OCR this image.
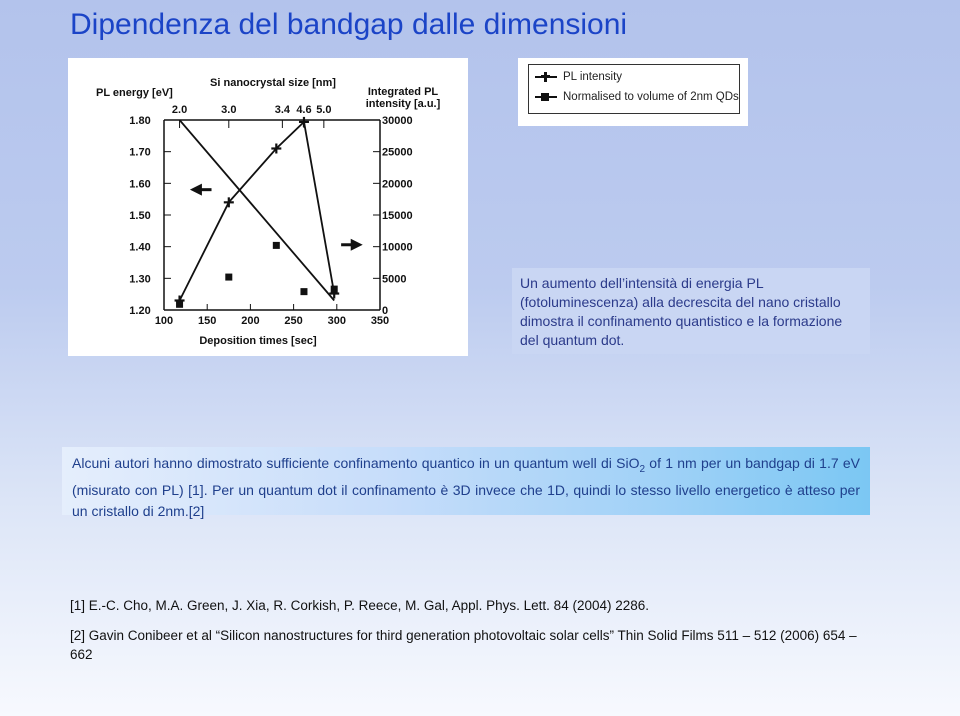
Dipendenza del bandgap dalle dimensioni
100 150 200 250 300 350
1.20
1.30
1.40
1.50
1.60
1.70
1.80
0
5000
10000
15000
20000
25000
30000
2.0	3.0	3.4 4.6 5.0
PL energy [eV]
Si nanocrystal size [nm]
Integrated PL
intensity [a.u.]
Deposition times [sec]
PL intensity
Normalised to volume of 2nm QDs
Un aumento dell’intensità di energia PL (fotoluminescenza) alla decrescita del nano cristallo dimostra il confinamento quantistico e la formazione del quantum dot.
Alcuni autori hanno dimostrato sufficiente confinamento quantico in un quantum well di SiO$_2$ of 1 nm per un bandgap di 1.7 eV (misurato con PL) [1]. Per un quantum dot il confinamento è 3D invece che 1D, quindi lo stesso livello energetico è atteso per un cristallo di 2nm.[2]
[1] E.-C. Cho, M.A. Green, J. Xia, R. Corkish, P. Reece, M. Gal, Appl. Phys. Lett. 84 (2004) 2286.
[2] Gavin Conibeer et al “Silicon nanostructures for third generation photovoltaic solar cells” Thin Solid Films 511 – 512 (2006) 654 – 662
